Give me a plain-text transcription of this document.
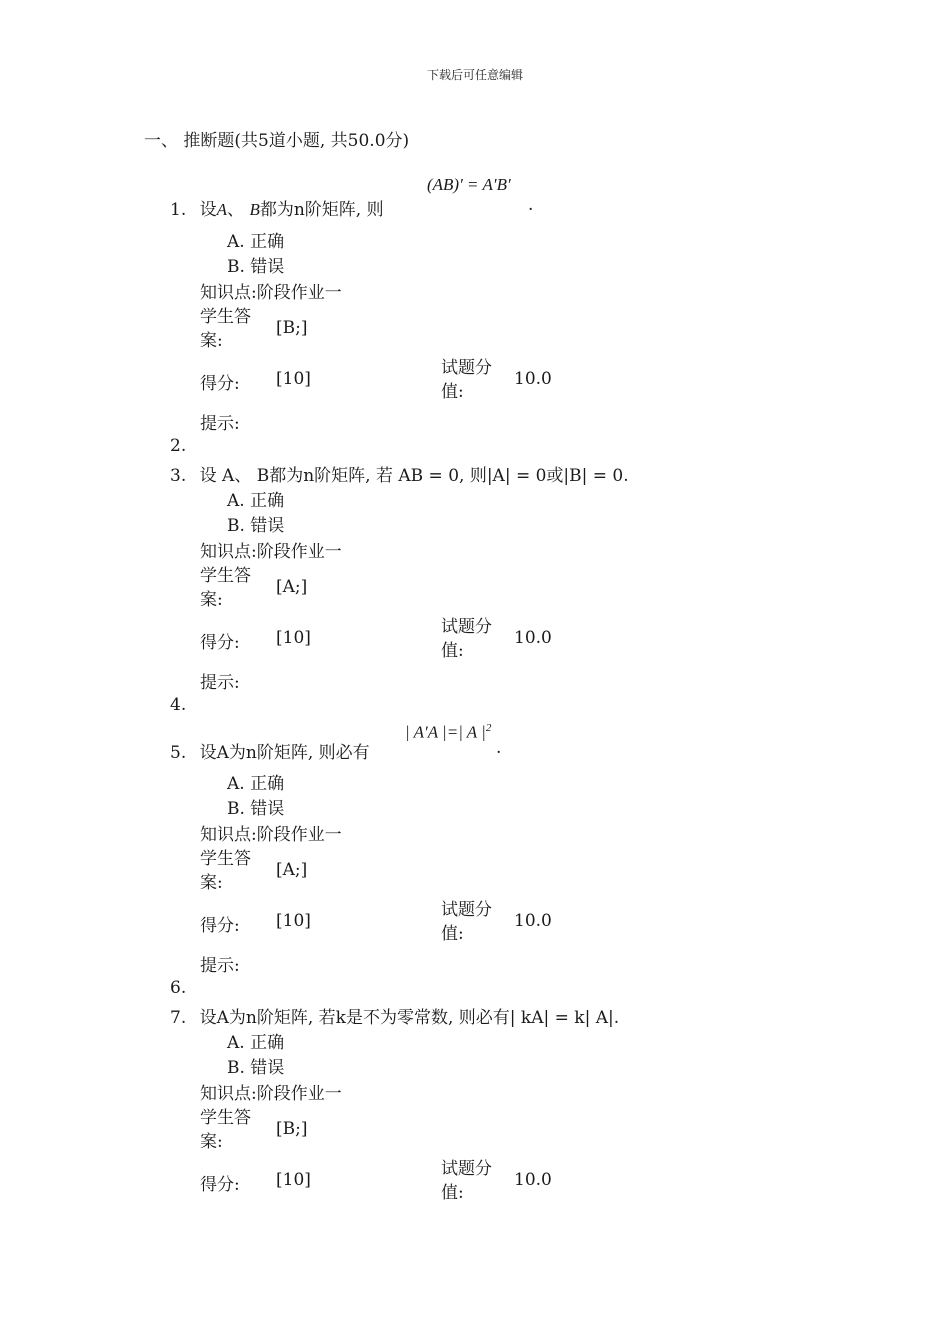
下载后可任意编辑
一、 推断题(共5道小题, 共50.0分)
1. 设A、 B都为n阶矩阵, 则
(AB)′ = A′B′
.
A. 正确
B. 错误
知识点:阶段作业一
学生答
案:
[B;]
得分: [10]
试题分
值:
10.0
提示:
2.
3. 设 A、 B都为n阶矩阵, 若 AB = 0, 则|A| = 0或|B| = 0.
A. 正确
B. 错误
知识点:阶段作业一
学生答
案:
[A;]
得分: [10]
试题分
值:
10.0
提示:
4.
5. 设A为n阶矩阵, 则必有
| A′A |=| A $|^2$
.
A. 正确
B. 错误
知识点:阶段作业一
学生答
案:
[A;]
得分: [10]
试题分
值:
10.0
提示:
6.
7. 设A为n阶矩阵, 若k是不为零常数, 则必有| kA| = k| A|.
A. 正确
B. 错误
知识点:阶段作业一
学生答
案:
[B;]
得分: [10]
试题分
值:
10.0
